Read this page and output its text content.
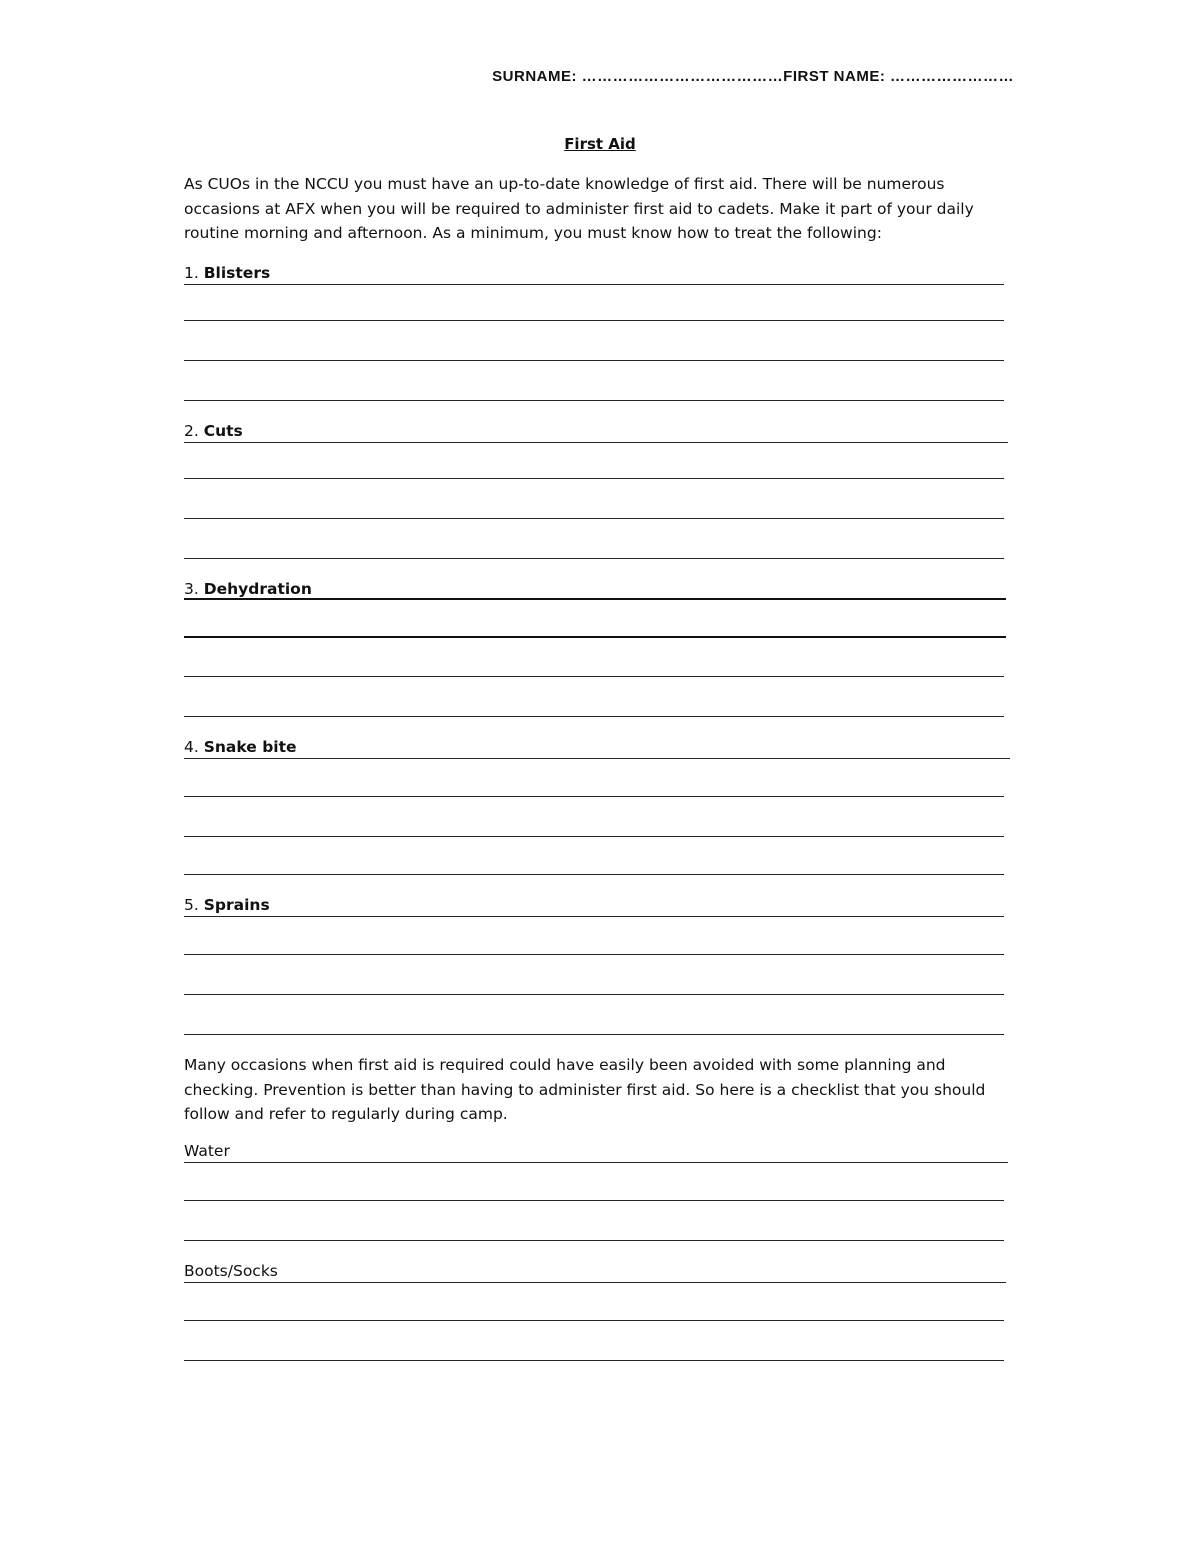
SURNAME: …………………………………FIRST NAME: ……………………
First Aid
As CUOs in the NCCU you must have an up-to-date knowledge of first aid. There will be numerous occasions at AFX when you will be required to administer first aid to cadets. Make it part of your daily routine morning and afternoon. As a minimum, you must know how to treat the following:
1. Blisters
2. Cuts
3. Dehydration
4. Snake bite
5. Sprains
Many occasions when first aid is required could have easily been avoided with some planning and checking. Prevention is better than having to administer first aid. So here is a checklist that you should follow and refer to regularly during camp.
Water
Boots/Socks
